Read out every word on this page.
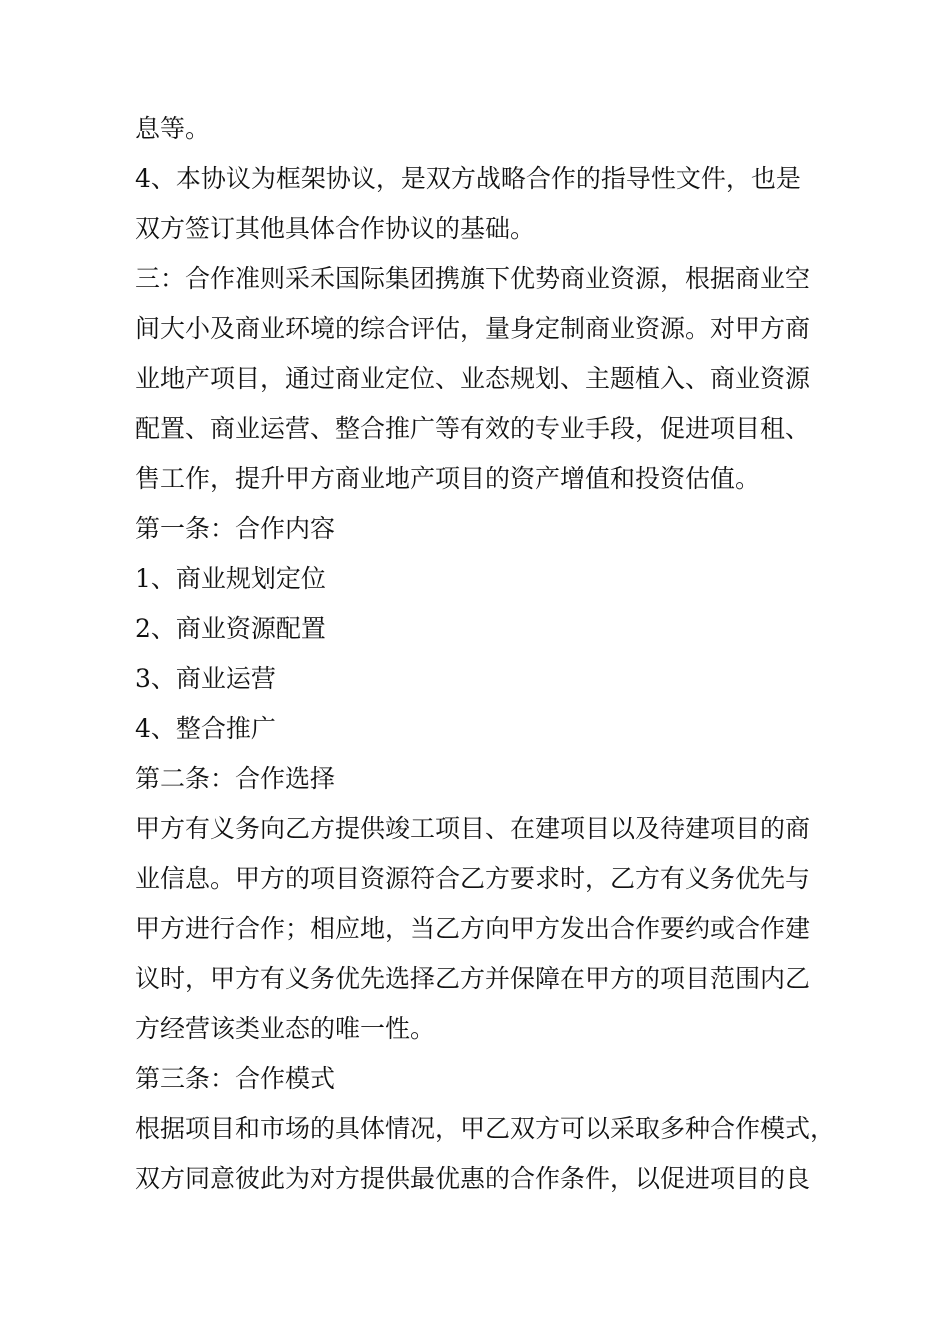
息等。
4、本协议为框架协议，是双方战略合作的指导性文件，也是
双方签订其他具体合作协议的基础。
三：合作准则采禾国际集团携旗下优势商业资源，根据商业空
间大小及商业环境的综合评估，量身定制商业资源。对甲方商
业地产项目，通过商业定位、业态规划、主题植入、商业资源
配置、商业运营、整合推广等有效的专业手段，促进项目租、
售工作，提升甲方商业地产项目的资产增值和投资估值。
第一条：合作内容
1、商业规划定位
2、商业资源配置
3、商业运营
4、整合推广
第二条：合作选择
甲方有义务向乙方提供竣工项目、在建项目以及待建项目的商
业信息。甲方的项目资源符合乙方要求时，乙方有义务优先与
甲方进行合作；相应地，当乙方向甲方发出合作要约或合作建
议时，甲方有义务优先选择乙方并保障在甲方的项目范围内乙
方经营该类业态的唯一性。
第三条：合作模式
根据项目和市场的具体情况，甲乙双方可以采取多种合作模式，
双方同意彼此为对方提供最优惠的合作条件，以促进项目的良
